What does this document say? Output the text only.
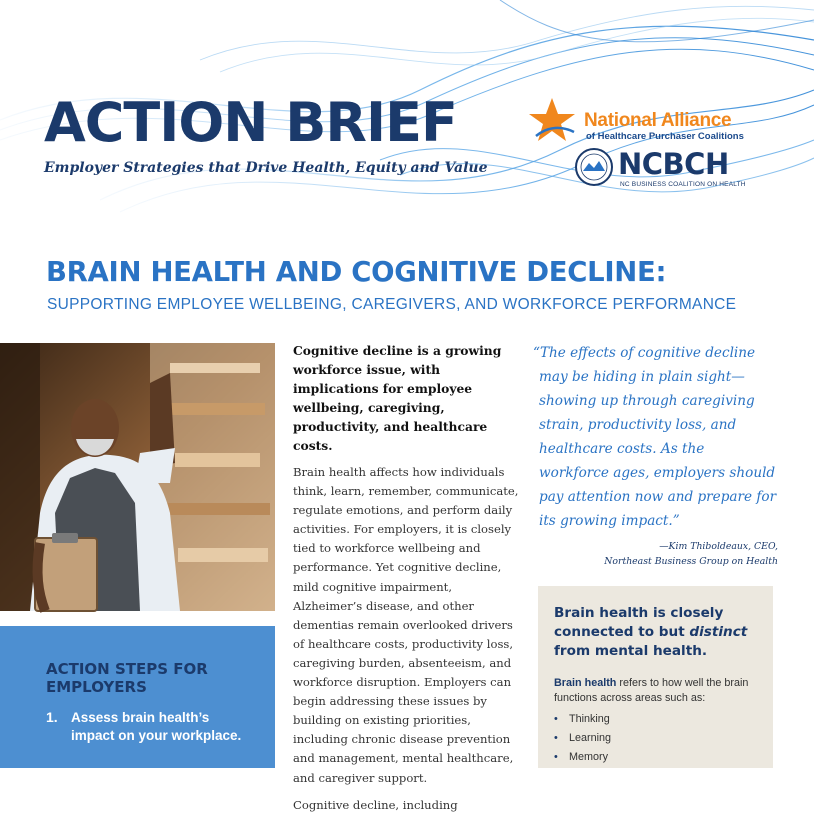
ACTION BRIEF
Employer Strategies that Drive Health, Equity and Value
National Alliance
of Healthcare Purchaser Coalitions
NCBCH
NC BUSINESS COALITION ON HEALTH
BRAIN HEALTH AND COGNITIVE DECLINE:
SUPPORTING EMPLOYEE WELLBEING, CAREGIVERS, AND WORKFORCE PERFORMANCE
ACTION STEPS FOR EMPLOYERS
1. Assess brain health’s impact on your workplace.

Cognitive decline is a growing workforce issue, with implications for employee wellbeing, caregiving, productivity, and healthcare costs.

Brain health affects how individuals think, learn, remember, communicate, regulate emotions, and perform daily activities. For employers, it is closely tied to workforce wellbeing and performance. Yet cognitive decline, mild cognitive impairment, Alzheimer’s disease, and other dementias remain overlooked drivers of healthcare costs, productivity loss, caregiving burden, absenteeism, and workforce disruption. Employers can begin addressing these issues by building on existing priorities, including chronic disease prevention and management, mental healthcare, and caregiver support.

Cognitive decline, including

“The effects of cognitive decline may be hiding in plain sight—showing up through caregiving strain, productivity loss, and healthcare costs. As the workforce ages, employers should pay attention now and prepare for its growing impact.”

—Kim Thiboldeaux, CEO,
Northeast Business Group on Health
Brain health is closely connected to but distinct from mental health.
Brain health refers to how well the brain functions across areas such as:
• Thinking
• Learning
• Memory
